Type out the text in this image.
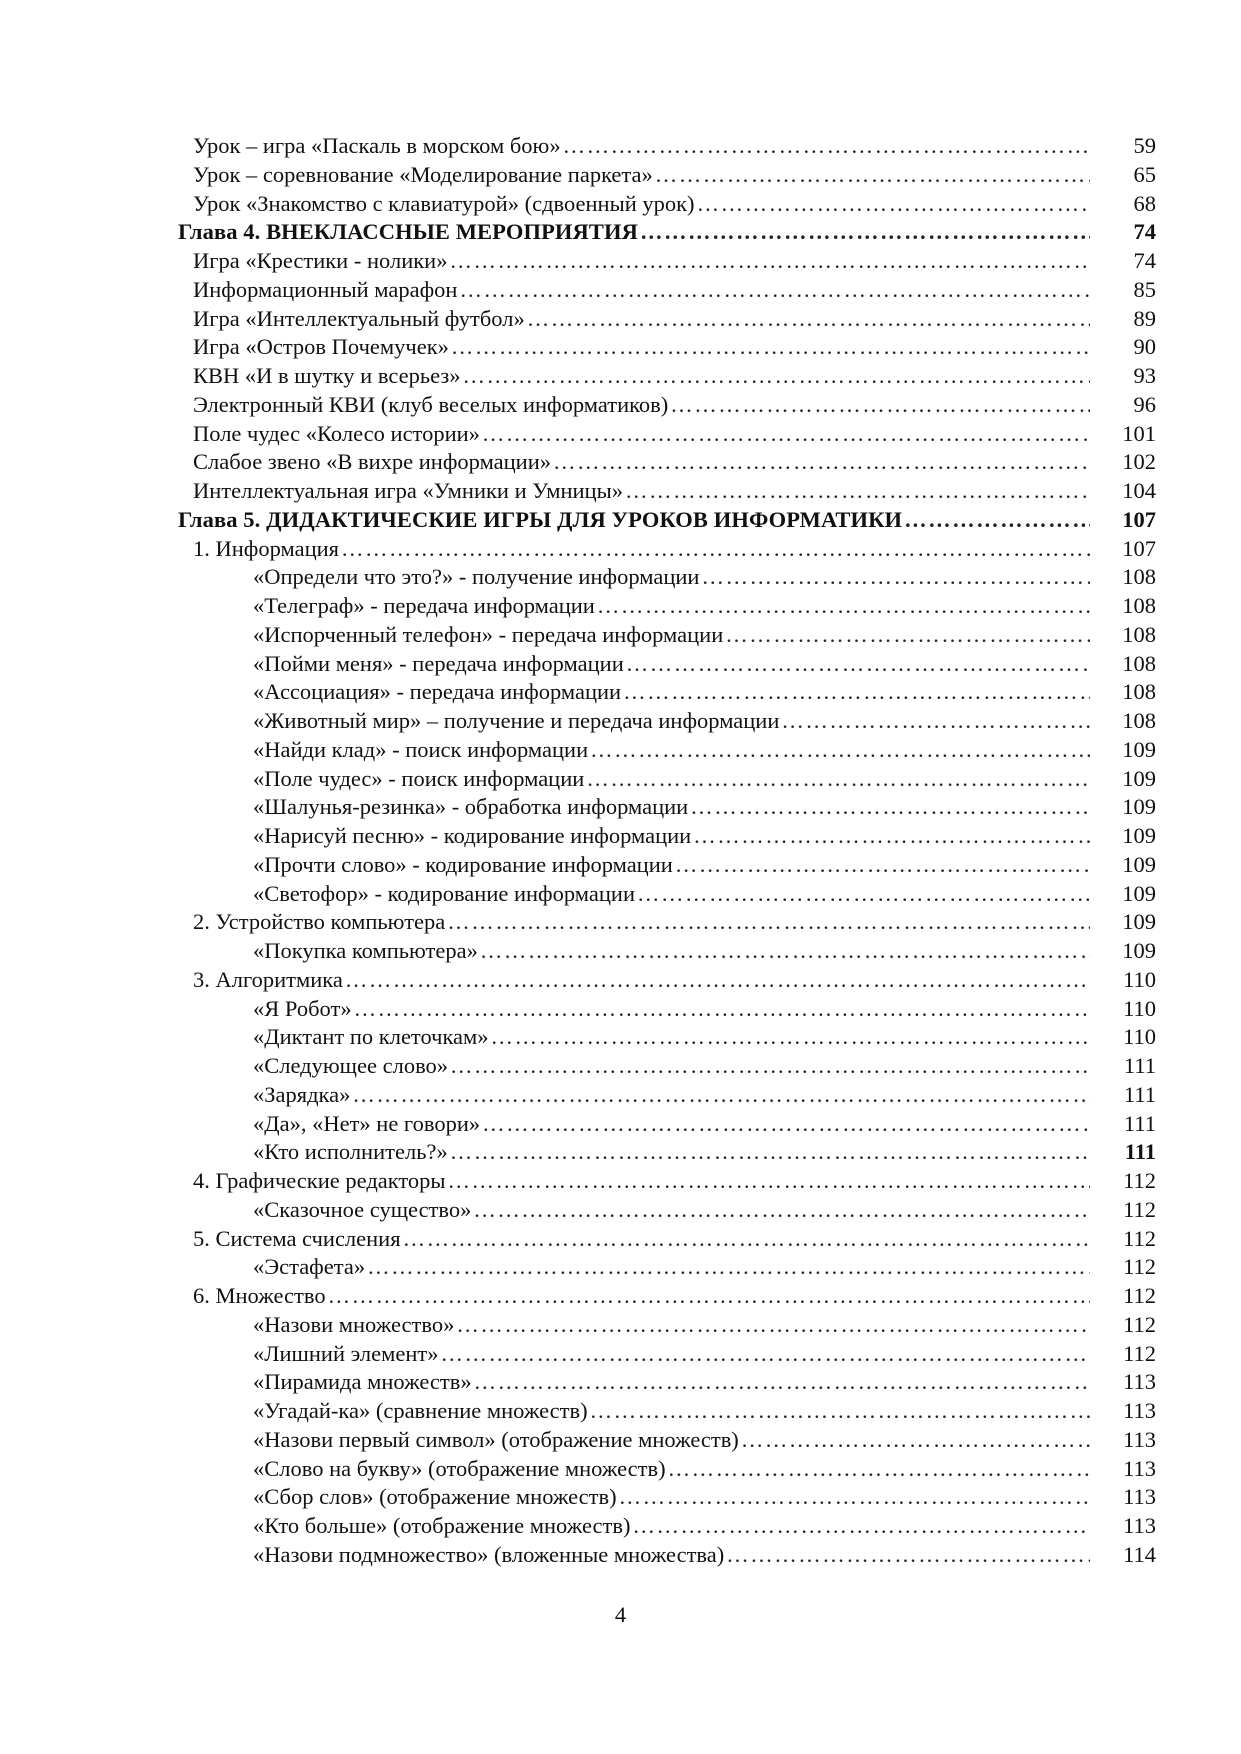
Урок – игра «Паскаль в морском бою» …………………………………………………………………………………………………………………………………………………………………………………………	59
Урок – соревнование «Моделирование паркета» …………………………………………………………………………………………………………………………………………………………………………………………	65
Урок «Знакомство с клавиатурой» (сдвоенный урок) …………………………………………………………………………………………………………………………………………………………………………………………	68
Глава 4. ВНЕКЛАССНЫЕ МЕРОПРИЯТИЯ …………………………………………………………………………………………………………………………………………………………………………………………	74
Игра «Крестики - нолики» …………………………………………………………………………………………………………………………………………………………………………………………	74
Информационный марафон …………………………………………………………………………………………………………………………………………………………………………………………	85
Игра «Интеллектуальный футбол» …………………………………………………………………………………………………………………………………………………………………………………………	89
Игра «Остров Почемучек» …………………………………………………………………………………………………………………………………………………………………………………………	90
КВН «И в шутку и всерьез» …………………………………………………………………………………………………………………………………………………………………………………………	93
Электронный КВИ (клуб веселых информатиков) …………………………………………………………………………………………………………………………………………………………………………………………	96
Поле чудес «Колесо истории» …………………………………………………………………………………………………………………………………………………………………………………………	101
Слабое звено «В вихре информации» …………………………………………………………………………………………………………………………………………………………………………………………	102
Интеллектуальная игра «Умники и Умницы» …………………………………………………………………………………………………………………………………………………………………………………………	104
Глава 5. ДИДАКТИЧЕСКИЕ ИГРЫ ДЛЯ УРОКОВ ИНФОРМАТИКИ …………………………………………………………………………………………………………………………………………………………………………………………	107
1. Информация …………………………………………………………………………………………………………………………………………………………………………………………	107
«Определи что это?» - получение информации …………………………………………………………………………………………………………………………………………………………………………………………	108
«Телеграф» - передача информации …………………………………………………………………………………………………………………………………………………………………………………………	108
«Испорченный телефон» - передача информации …………………………………………………………………………………………………………………………………………………………………………………………	108
«Пойми меня» - передача информации …………………………………………………………………………………………………………………………………………………………………………………………	108
«Ассоциация» - передача информации …………………………………………………………………………………………………………………………………………………………………………………………	108
«Животный мир» – получение и передача информации …………………………………………………………………………………………………………………………………………………………………………………………	108
«Найди клад» - поиск информации …………………………………………………………………………………………………………………………………………………………………………………………	109
«Поле чудес» - поиск информации …………………………………………………………………………………………………………………………………………………………………………………………	109
«Шалунья-резинка» - обработка информации …………………………………………………………………………………………………………………………………………………………………………………………	109
«Нарисуй песню» - кодирование информации …………………………………………………………………………………………………………………………………………………………………………………………	109
«Прочти слово» - кодирование информации …………………………………………………………………………………………………………………………………………………………………………………………	109
«Светофор» - кодирование информации …………………………………………………………………………………………………………………………………………………………………………………………	109
2. Устройство компьютера …………………………………………………………………………………………………………………………………………………………………………………………	109
«Покупка компьютера» …………………………………………………………………………………………………………………………………………………………………………………………	109
3. Алгоритмика …………………………………………………………………………………………………………………………………………………………………………………………	110
«Я Робот» …………………………………………………………………………………………………………………………………………………………………………………………	110
«Диктант по клеточкам» …………………………………………………………………………………………………………………………………………………………………………………………	110
«Следующее слово» …………………………………………………………………………………………………………………………………………………………………………………………	111
«Зарядка» …………………………………………………………………………………………………………………………………………………………………………………………	111
«Да», «Нет» не говори» …………………………………………………………………………………………………………………………………………………………………………………………	111
«Кто исполнитель?» …………………………………………………………………………………………………………………………………………………………………………………………	111
4. Графические редакторы …………………………………………………………………………………………………………………………………………………………………………………………	112
«Сказочное существо» …………………………………………………………………………………………………………………………………………………………………………………………	112
5. Система счисления …………………………………………………………………………………………………………………………………………………………………………………………	112
«Эстафета» …………………………………………………………………………………………………………………………………………………………………………………………	112
6. Множество …………………………………………………………………………………………………………………………………………………………………………………………	112
«Назови множество» …………………………………………………………………………………………………………………………………………………………………………………………	112
«Лишний элемент» …………………………………………………………………………………………………………………………………………………………………………………………	112
«Пирамида множеств» …………………………………………………………………………………………………………………………………………………………………………………………	113
«Угадай-ка» (сравнение множеств) …………………………………………………………………………………………………………………………………………………………………………………………	113
«Назови первый символ» (отображение множеств) …………………………………………………………………………………………………………………………………………………………………………………………	113
«Слово на букву» (отображение множеств) …………………………………………………………………………………………………………………………………………………………………………………………	113
«Сбор слов» (отображение множеств) …………………………………………………………………………………………………………………………………………………………………………………………	113
«Кто больше» (отображение множеств) …………………………………………………………………………………………………………………………………………………………………………………………	113
«Назови подмножество» (вложенные множества) …………………………………………………………………………………………………………………………………………………………………………………………	114
4
